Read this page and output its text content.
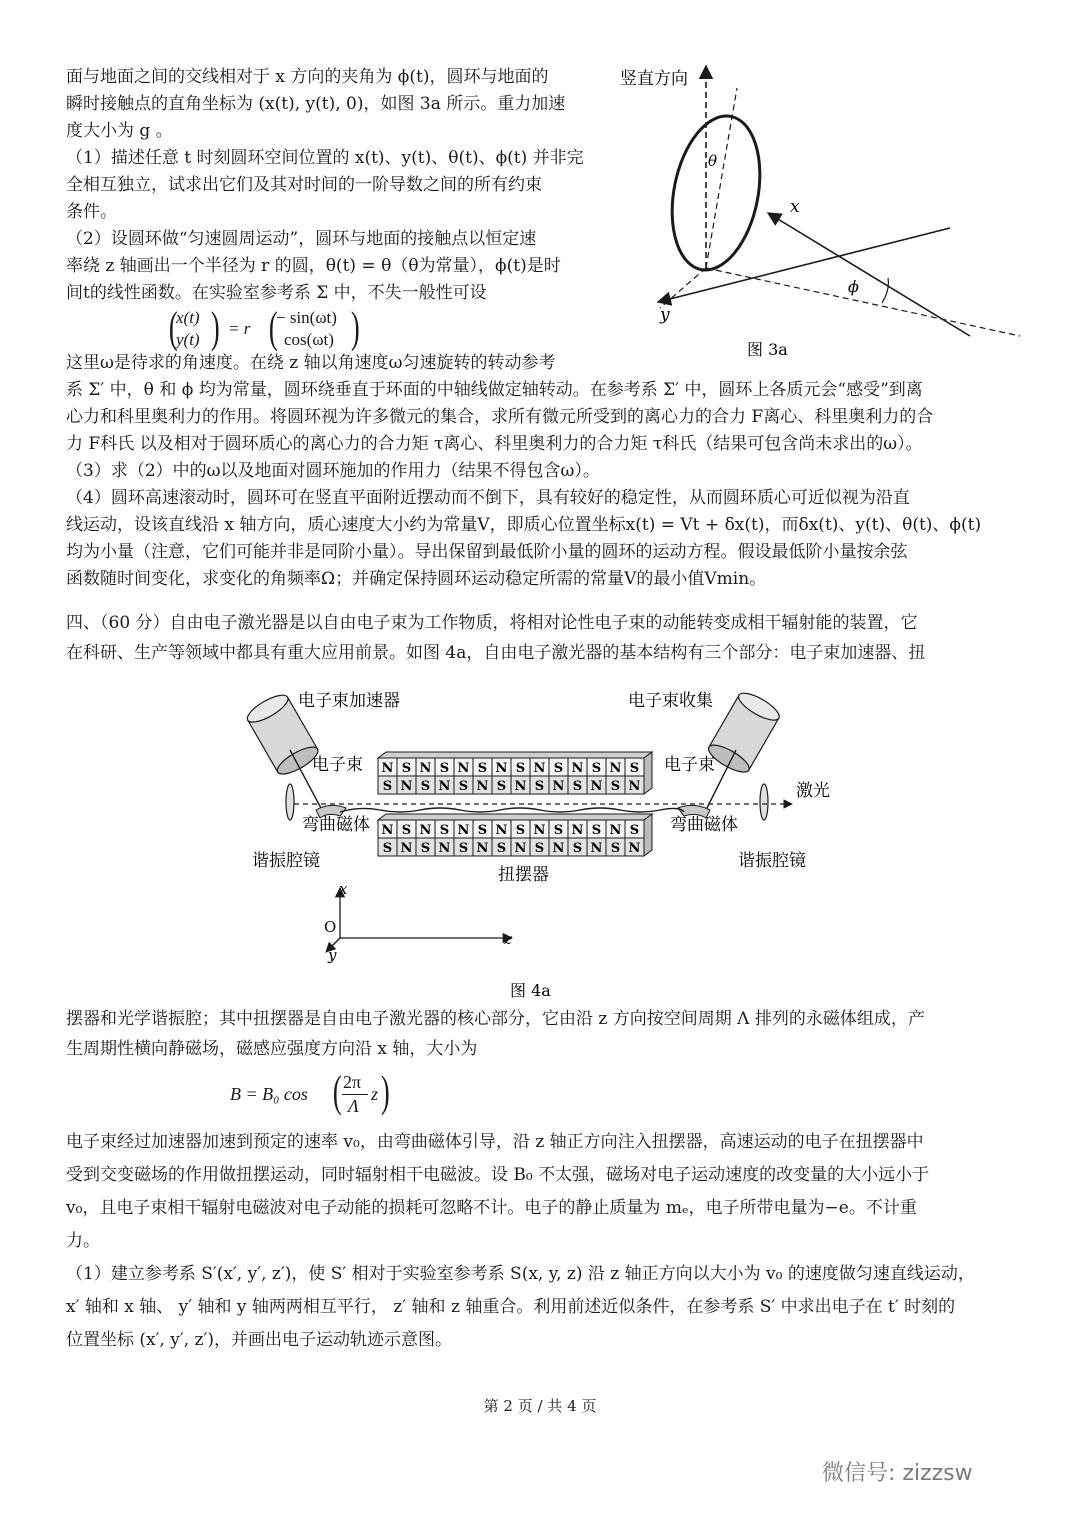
面与地面之间的交线相对于 x 方向的夹角为 ϕ(t)，圆环与地面的
瞬时接触点的直角坐标为 (x(t), y(t), 0)，如图 3a 所示。重力加速
度大小为 g 。
（1）描述任意 t 时刻圆环空间位置的 x(t)、y(t)、θ(t)、ϕ(t) 并非完
全相互独立，试求出它们及其对时间的一阶导数之间的所有约束
条件。
（2）设圆环做“匀速圆周运动”，圆环与地面的接触点以恒定速
率绕 z 轴画出一个半径为 r 的圆，θ(t) = θ（θ为常量），ϕ(t)是时
间t的线性函数。在实验室参考系 Σ 中，不失一般性可设
(
x(t)
y(t) ) = r (
− sin(ωt)
cos(ωt) )
竖直方向
θ
x
y
ϕ
图 3a
这里ω是待求的角速度。在绕 z 轴以角速度ω匀速旋转的转动参考
系 Σ′ 中，θ 和 ϕ 均为常量，圆环绕垂直于环面的中轴线做定轴转动。在参考系 Σ′ 中，圆环上各质元会“感受”到离
心力和科里奥利力的作用。将圆环视为许多微元的集合，求所有微元所受到的离心力的合力 F离心、科里奥利力的合
力 F科氏 以及相对于圆环质心的离心力的合力矩 τ离心、科里奥利力的合力矩 τ科氏（结果可包含尚未求出的ω）。
（3）求（2）中的ω以及地面对圆环施加的作用力（结果不得包含ω）。
（4）圆环高速滚动时，圆环可在竖直平面附近摆动而不倒下，具有较好的稳定性，从而圆环质心可近似视为沿直
线运动，设该直线沿 x 轴方向，质心速度大小约为常量V，即质心位置坐标x(t) = Vt + δx(t)，而δx(t)、y(t)、θ(t)、ϕ(t)
均为小量（注意，它们可能并非是同阶小量）。导出保留到最低阶小量的圆环的运动方程。假设最低阶小量按余弦
函数随时间变化，求变化的角频率Ω；并确定保持圆环运动稳定所需的常量V的最小值Vmin。
四、（60 分）自由电子激光器是以自由电子束为工作物质，将相对论性电子束的动能转变成相干辐射能的装置，它
在科研、生产等领域中都具有重大应用前景。如图 4a，自由电子激光器的基本结构有三个部分：电子束加速器、扭
电子束加速器	电子束收集
电子束	电子束
激光
弯曲磁体	弯曲磁体
谐振腔镜	谐振腔镜
扭摆器
N S N S N S N S N S N S N S
S N S N S N S N S N S N S N
N S N S N S N S N S N S N S
S N S N S N S N S N S N S N
x
O
y
z
图 4a
摆器和光学谐振腔；其中扭摆器是自由电子激光器的核心部分，它由沿 z 方向按空间周期 Λ 排列的永磁体组成，产
生周期性横向静磁场，磁感应强度方向沿 x 轴，大小为
B = B₀ cos ( 2π
Λ
z )
电子束经过加速器加速到预定的速率 v₀，由弯曲磁体引导，沿 z 轴正方向注入扭摆器，高速运动的电子在扭摆器中
受到交变磁场的作用做扭摆运动，同时辐射相干电磁波。设 B₀ 不太强，磁场对电子运动速度的改变量的大小远小于
v₀，且电子束相干辐射电磁波对电子动能的损耗可忽略不计。电子的静止质量为 mₑ，电子所带电量为−e。不计重
力。
（1）建立参考系 S′(x′, y′, z′)，使 S′ 相对于实验室参考系 S(x, y, z) 沿 z 轴正方向以大小为 v₀ 的速度做匀速直线运动，
x′ 轴和 x 轴、 y′ 轴和 y 轴两两相互平行， z′ 轴和 z 轴重合。利用前述近似条件，在参考系 S′ 中求出电子在 t′ 时刻的
位置坐标 (x′, y′, z′)，并画出电子运动轨迹示意图。
第 2 页 / 共 4 页
微信号: zizzsw
